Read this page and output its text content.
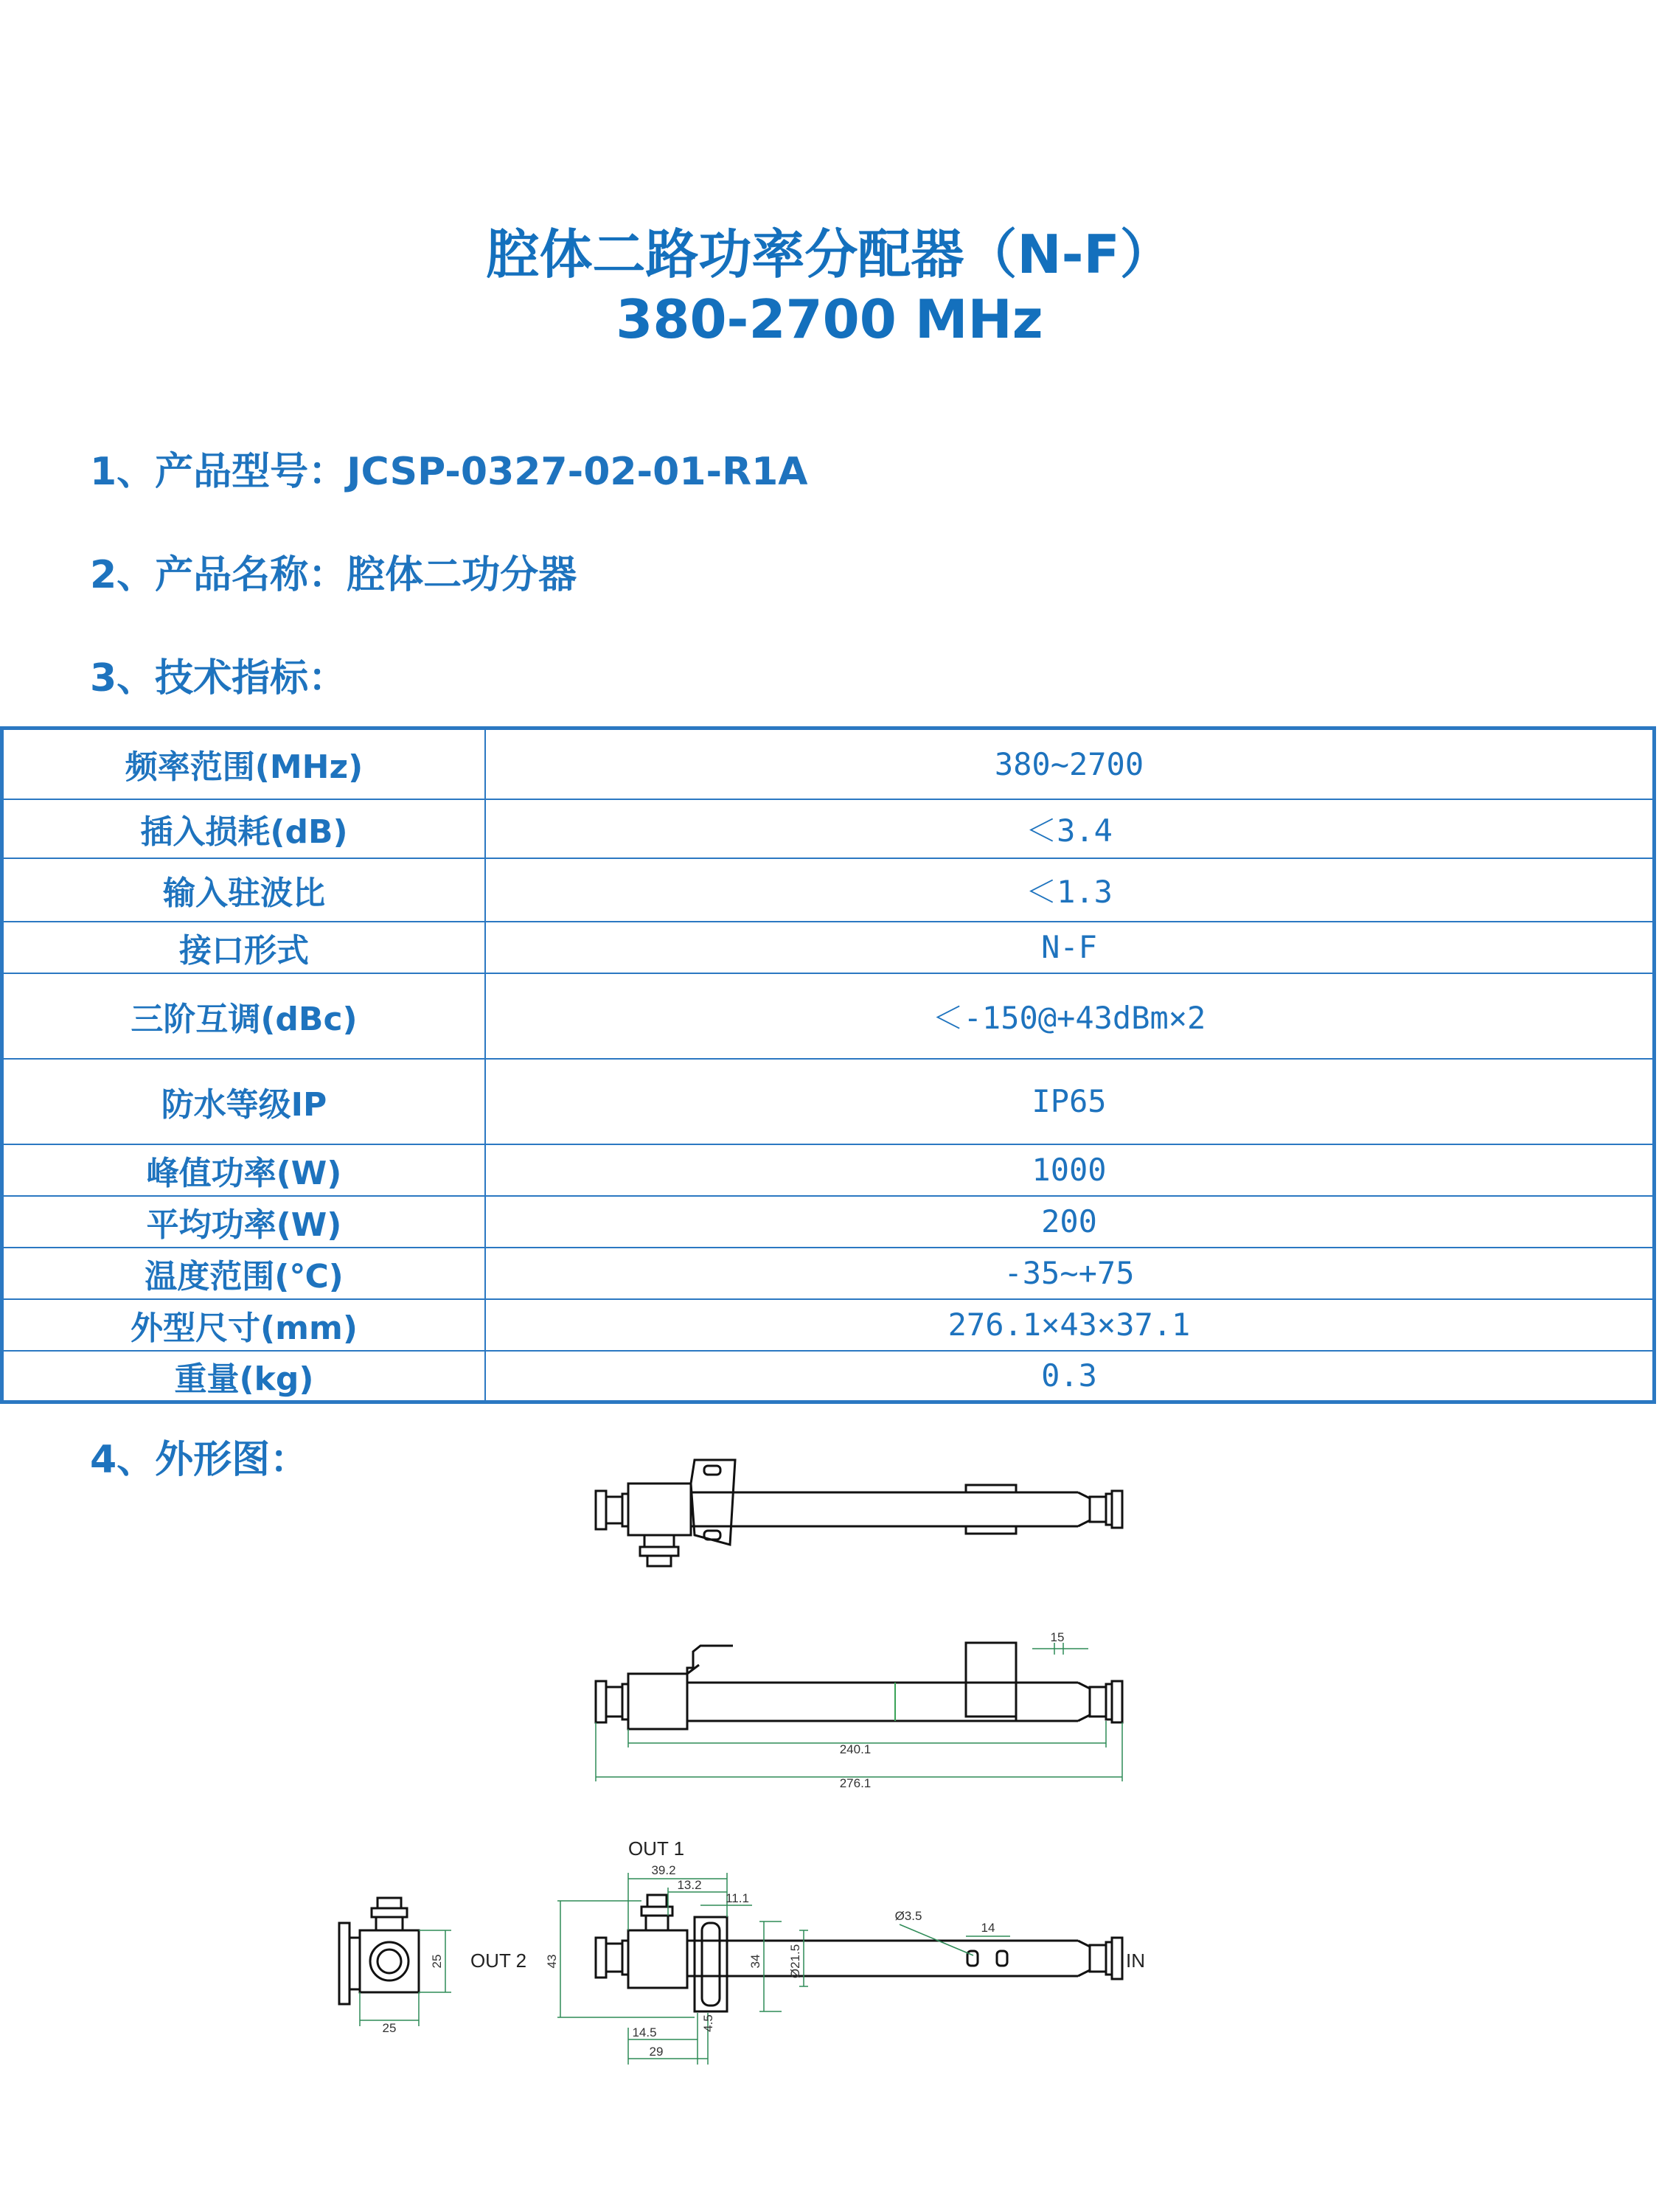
腔体二路功率分配器（N-F）
380-2700 MHz
1、产品型号：JCSP-0327-02-01-R1A
2、产品名称：腔体二功分器
3、技术指标：
频率范围(MHz)	380~2700
插入损耗(dB)	＜3.4
输入驻波比	＜1.3
接口形式	N-F
三阶互调(dBc)	＜-150@+43dBm×2
防水等级IP	IP65
峰值功率(W)	1000
平均功率(W)	200
温度范围(℃)	-35~+75
外型尺寸(mm)	276.1×43×37.1
重量(kg)	0.3
4、外形图：
15
240.1
276.1
39.2
13.2
11.1
43	34 Ø21.5
4.5
14.5
29
Ø3.5
14
25
25
OUT 1
OUT 2	IN
